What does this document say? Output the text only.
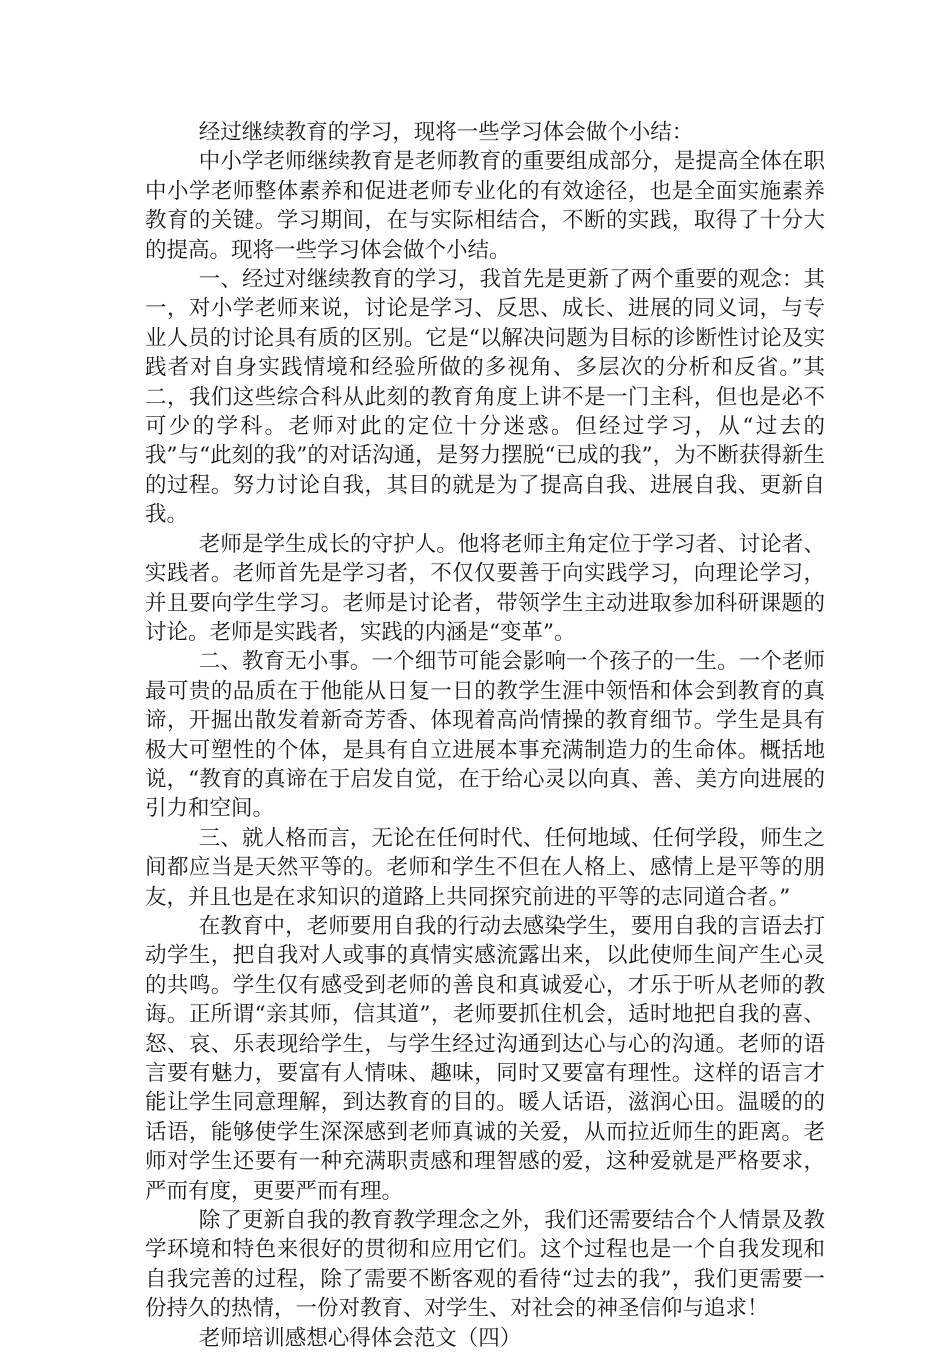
经过继续教育的学习，现将一些学习体会做个小结：

中小学老师继续教育是老师教育的重要组成部分，是提高全体在职中小学老师整体素养和促进老师专业化的有效途径，也是全面实施素养教育的关键。学习期间，在与实际相结合，不断的实践，取得了十分大的提高。现将一些学习体会做个小结。

一、经过对继续教育的学习，我首先是更新了两个重要的观念：其一，对小学老师来说，讨论是学习、反思、成长、进展的同义词，与专业人员的讨论具有质的区别。它是“以解决问题为目标的诊断性讨论及实践者对自身实践情境和经验所做的多视角、多层次的分析和反省。”其二，我们这些综合科从此刻的教育角度上讲不是一门主科，但也是必不可少的学科。老师对此的定位十分迷惑。但经过学习，从“过去的我”与“此刻的我”的对话沟通，是努力摆脱“已成的我”，为不断获得新生的过程。努力讨论自我，其目的就是为了提高自我、进展自我、更新自我。

老师是学生成长的守护人。他将老师主角定位于学习者、讨论者、实践者。老师首先是学习者，不仅仅要善于向实践学习，向理论学习，并且要向学生学习。老师是讨论者，带领学生主动进取参加科研课题的讨论。老师是实践者，实践的内涵是“变革”。

二、教育无小事。一个细节可能会影响一个孩子的一生。一个老师最可贵的品质在于他能从日复一日的教学生涯中领悟和体会到教育的真谛，开掘出散发着新奇芳香、体现着高尚情操的教育细节。学生是具有极大可塑性的个体，是具有自立进展本事充满制造力的生命体。概括地说，“教育的真谛在于启发自觉，在于给心灵以向真、善、美方向进展的引力和空间。

三、就人格而言，无论在任何时代、任何地域、任何学段，师生之间都应当是天然平等的。老师和学生不但在人格上、感情上是平等的朋友，并且也是在求知识的道路上共同探究前进的平等的志同道合者。”

在教育中，老师要用自我的行动去感染学生，要用自我的言语去打动学生，把自我对人或事的真情实感流露出来，以此使师生间产生心灵的共鸣。学生仅有感受到老师的善良和真诚爱心，才乐于听从老师的教诲。正所谓“亲其师，信其道”，老师要抓住机会，适时地把自我的喜、怒、哀、乐表现给学生，与学生经过沟通到达心与心的沟通。老师的语言要有魅力，要富有人情味、趣味，同时又要富有理性。这样的语言才能让学生同意理解，到达教育的目的。暖人话语，滋润心田。温暖的的话语，能够使学生深深感到老师真诚的关爱，从而拉近师生的距离。老师对学生还要有一种充满职责感和理智感的爱，这种爱就是严格要求，严而有度，更要严而有理。

除了更新自我的教育教学理念之外，我们还需要结合个人情景及教学环境和特色来很好的贯彻和应用它们。这个过程也是一个自我发现和自我完善的过程，除了需要不断客观的看待“过去的我”，我们更需要一份持久的热情，一份对教育、对学生、对社会的神圣信仰与追求！

老师培训感想心得体会范文（四）
